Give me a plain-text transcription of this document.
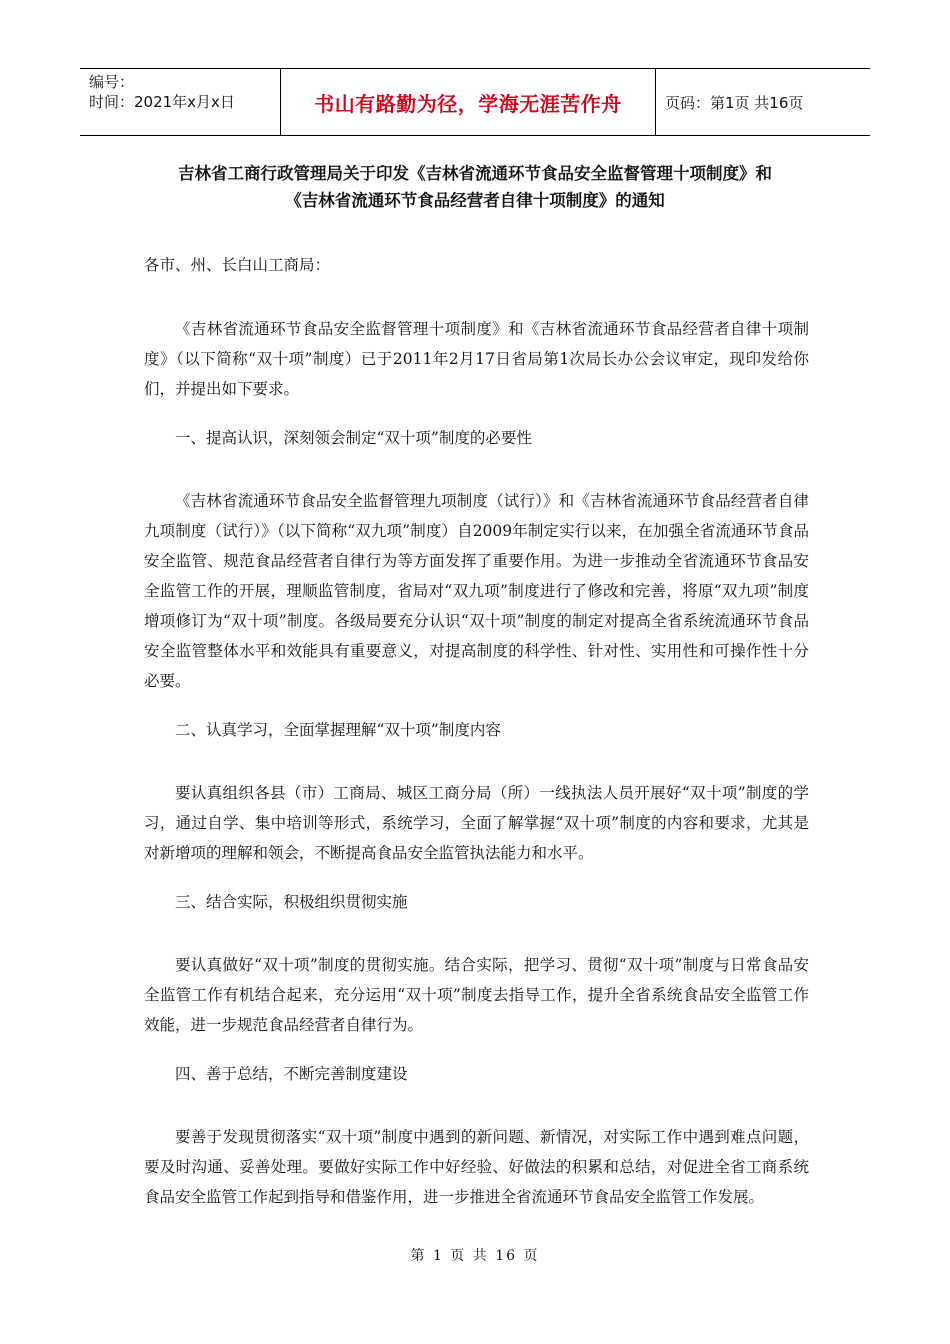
编号：
时间：2021年x月x日	书山有路勤为径，学海无涯苦作舟	页码：第1页 共16页
吉林省工商行政管理局关于印发《吉林省流通环节食品安全监督管理十项制度》和
《吉林省流通环节食品经营者自律十项制度》的通知

各市、州、长白山工商局：

《吉林省流通环节食品安全监督管理十项制度》和《吉林省流通环节食品经营者自律十项制度》（以下简称“双十项”制度）已于2011年2月17日省局第1次局长办公会议审定，现印发给你们，并提出如下要求。

一、提高认识，深刻领会制定“双十项”制度的必要性

《吉林省流通环节食品安全监督管理九项制度（试行）》和《吉林省流通环节食品经营者自律九项制度（试行）》（以下简称“双九项”制度）自2009年制定实行以来，在加强全省流通环节食品安全监管、规范食品经营者自律行为等方面发挥了重要作用。为进一步推动全省流通环节食品安全监管工作的开展，理顺监管制度，省局对“双九项”制度进行了修改和完善，将原“双九项”制度增项修订为“双十项”制度。各级局要充分认识“双十项”制度的制定对提高全省系统流通环节食品安全监管整体水平和效能具有重要意义，对提高制度的科学性、针对性、实用性和可操作性十分必要。

二、认真学习，全面掌握理解“双十项”制度内容

要认真组织各县（市）工商局、城区工商分局（所）一线执法人员开展好“双十项”制度的学习，通过自学、集中培训等形式，系统学习，全面了解掌握“双十项”制度的内容和要求，尤其是对新增项的理解和领会，不断提高食品安全监管执法能力和水平。

三、结合实际，积极组织贯彻实施

要认真做好“双十项”制度的贯彻实施。结合实际，把学习、贯彻“双十项”制度与日常食品安全监管工作有机结合起来，充分运用“双十项”制度去指导工作，提升全省系统食品安全监管工作效能，进一步规范食品经营者自律行为。

四、善于总结，不断完善制度建设

要善于发现贯彻落实“双十项”制度中遇到的新问题、新情况，对实际工作中遇到难点问题，要及时沟通、妥善处理。要做好实际工作中好经验、好做法的积累和总结，对促进全省工商系统食品安全监管工作起到指导和借鉴作用，进一步推进全省流通环节食品安全监管工作发展。

第 1 页 共 16 页
